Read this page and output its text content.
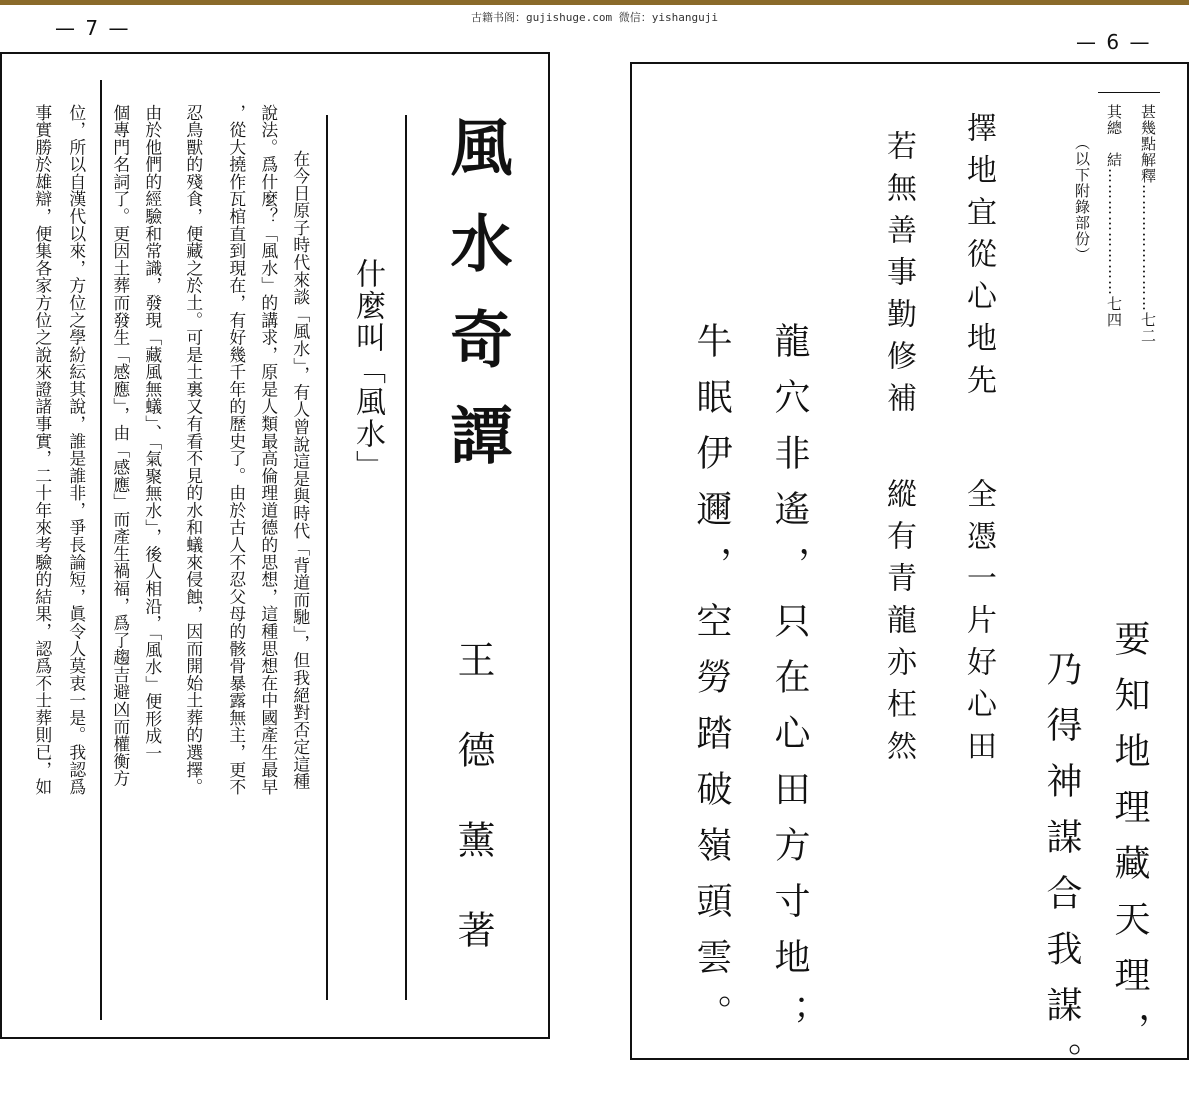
古籍书阁：gujishuge.com 微信：yishanguji
— 7 —
風水奇譚
王德薰著
什麼叫「風水」
在今日原子時代來談「風水」，有人曾說這是與時代「背道而馳」，但我絕對否定這種
說法。爲什麼？「風水」的講求，原是人類最高倫理道德的思想，這種思想在中國產生最早
，從大撓作瓦棺直到現在，有好幾千年的歷史了。由於古人不忍父母的骸骨暴露無主，更不
忍鳥獸的殘食，便藏之於土。可是土裏又有看不見的水和蟻來侵蝕，因而開始土葬的選擇。
由於他們的經驗和常識，發現「藏風無蟻」、「氣聚無水」，後人相沿，「風水」便形成一
個專門名詞了。更因土葬而發生「感應」，由「感應」而產生禍福，爲了趨吉避凶而權衡方
位，所以自漢代以來，方位之學紛紜其說，誰是誰非，爭長論短，眞令人莫衷一是。我認爲
事實勝於雄辯，便集各家方位之說來證諸事實，二十年來考驗的結果，認爲不士葬則已，如
— 6 —
甚幾點解釋……………………七二
其總　結……………………七四
（以下附錄部份）
要知地理藏天理，
乃得神謀合我謀。
擇地宜從心地先
全憑一片好心田
若無善事勤修補
縱有青龍亦枉然
龍穴非遙，只在心田方寸地；
牛眠伊邇，空勞踏破嶺頭雲。
